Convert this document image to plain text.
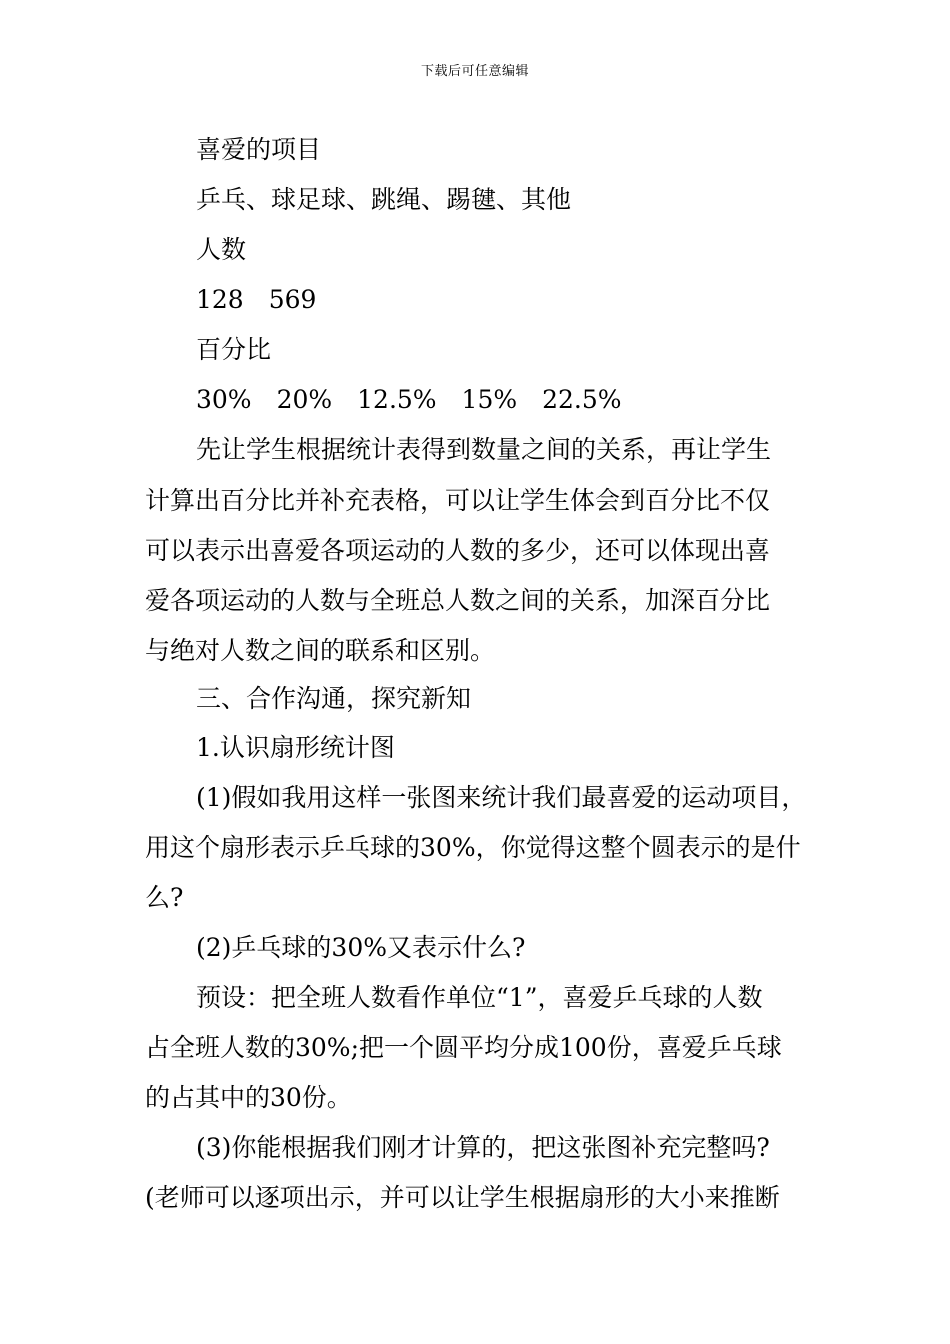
下载后可任意编辑
喜爱的项目
乒乓、球足球、跳绳、踢毽、其他
人数
128　569
百分比
30%　20%　12.5%　15%　22.5%
先让学生根据统计表得到数量之间的关系，再让学生
计算出百分比并补充表格，可以让学生体会到百分比不仅
可以表示出喜爱各项运动的人数的多少，还可以体现出喜
爱各项运动的人数与全班总人数之间的关系，加深百分比
与绝对人数之间的联系和区别。
三、合作沟通，探究新知
1.认识扇形统计图
(1)假如我用这样一张图来统计我们最喜爱的运动项目，
用这个扇形表示乒乓球的30%，你觉得这整个圆表示的是什
么?
(2)乒乓球的30%又表示什么?
预设：把全班人数看作单位“1”，喜爱乒乓球的人数
占全班人数的30%;把一个圆平均分成100份，喜爱乒乓球
的占其中的30份。
(3)你能根据我们刚才计算的，把这张图补充完整吗?
(老师可以逐项出示，并可以让学生根据扇形的大小来推断
